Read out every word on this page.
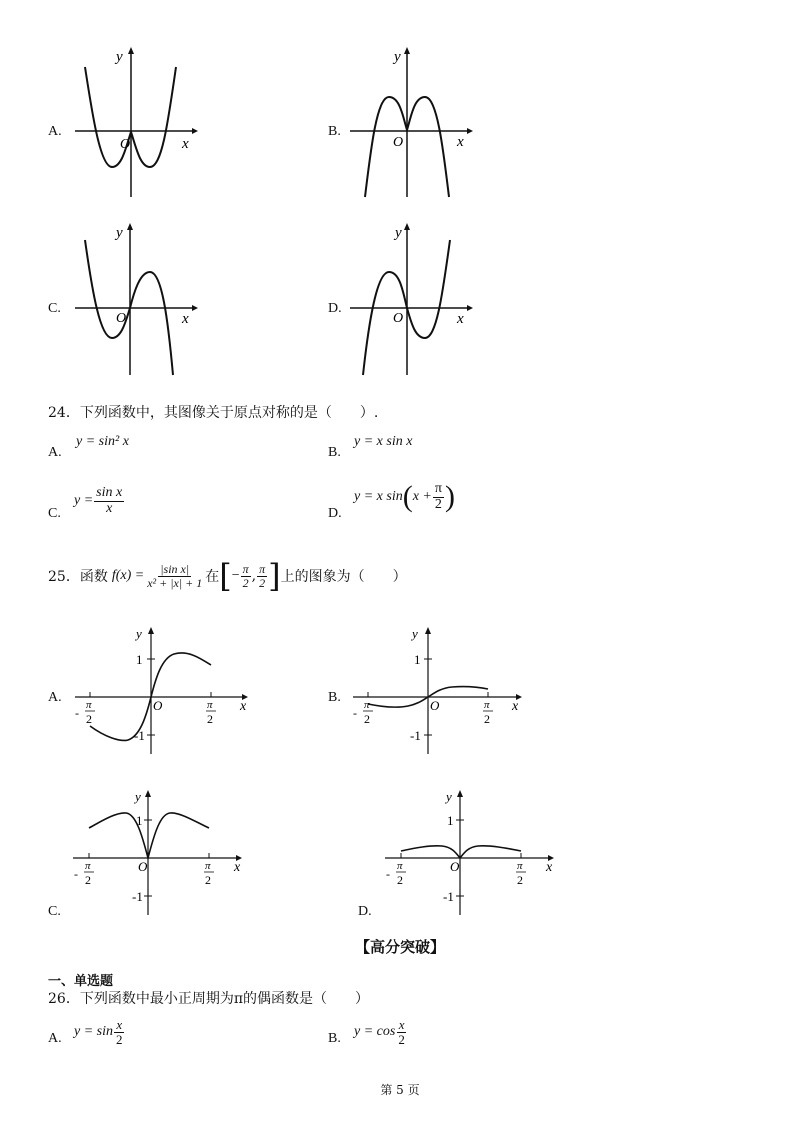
A.
O	x
y
B.
O	x
y
C.
O	x
y
D.
O	x
y
24．下列函数中，其图像关于原点对称的是（　　）.
A.
y = sin² x
B.
y = x sin x
C.
$y = \frac{\text{sin x}}{x}$	D.
y = x sin ( $x + \frac{\pi}{2}$ )
25．函数 $f(x) = \frac{\text{|sin x|}}{\text{x² + |x| + 1}}$ 在 [ − $\frac{\pi}{2}$ , $\frac{\pi}{2}$ ] 上的图象为（　　）
A.
y
1
-1
O	x
π
2
-
π
2
B.
y
1
-1
O	x
π
2
-
π
2
y
1
-1
O	x
π
2
-
π
2
C.
y
1
-1
O	x
π
2
-
π
2
D.
【高分突破】
一、单选题
26．下列函数中最小正周期为π的偶函数是（　　）
A. $y = \sin \frac{x}{2}$	B. $y = \cos \frac{x}{2}$
第 5 页
